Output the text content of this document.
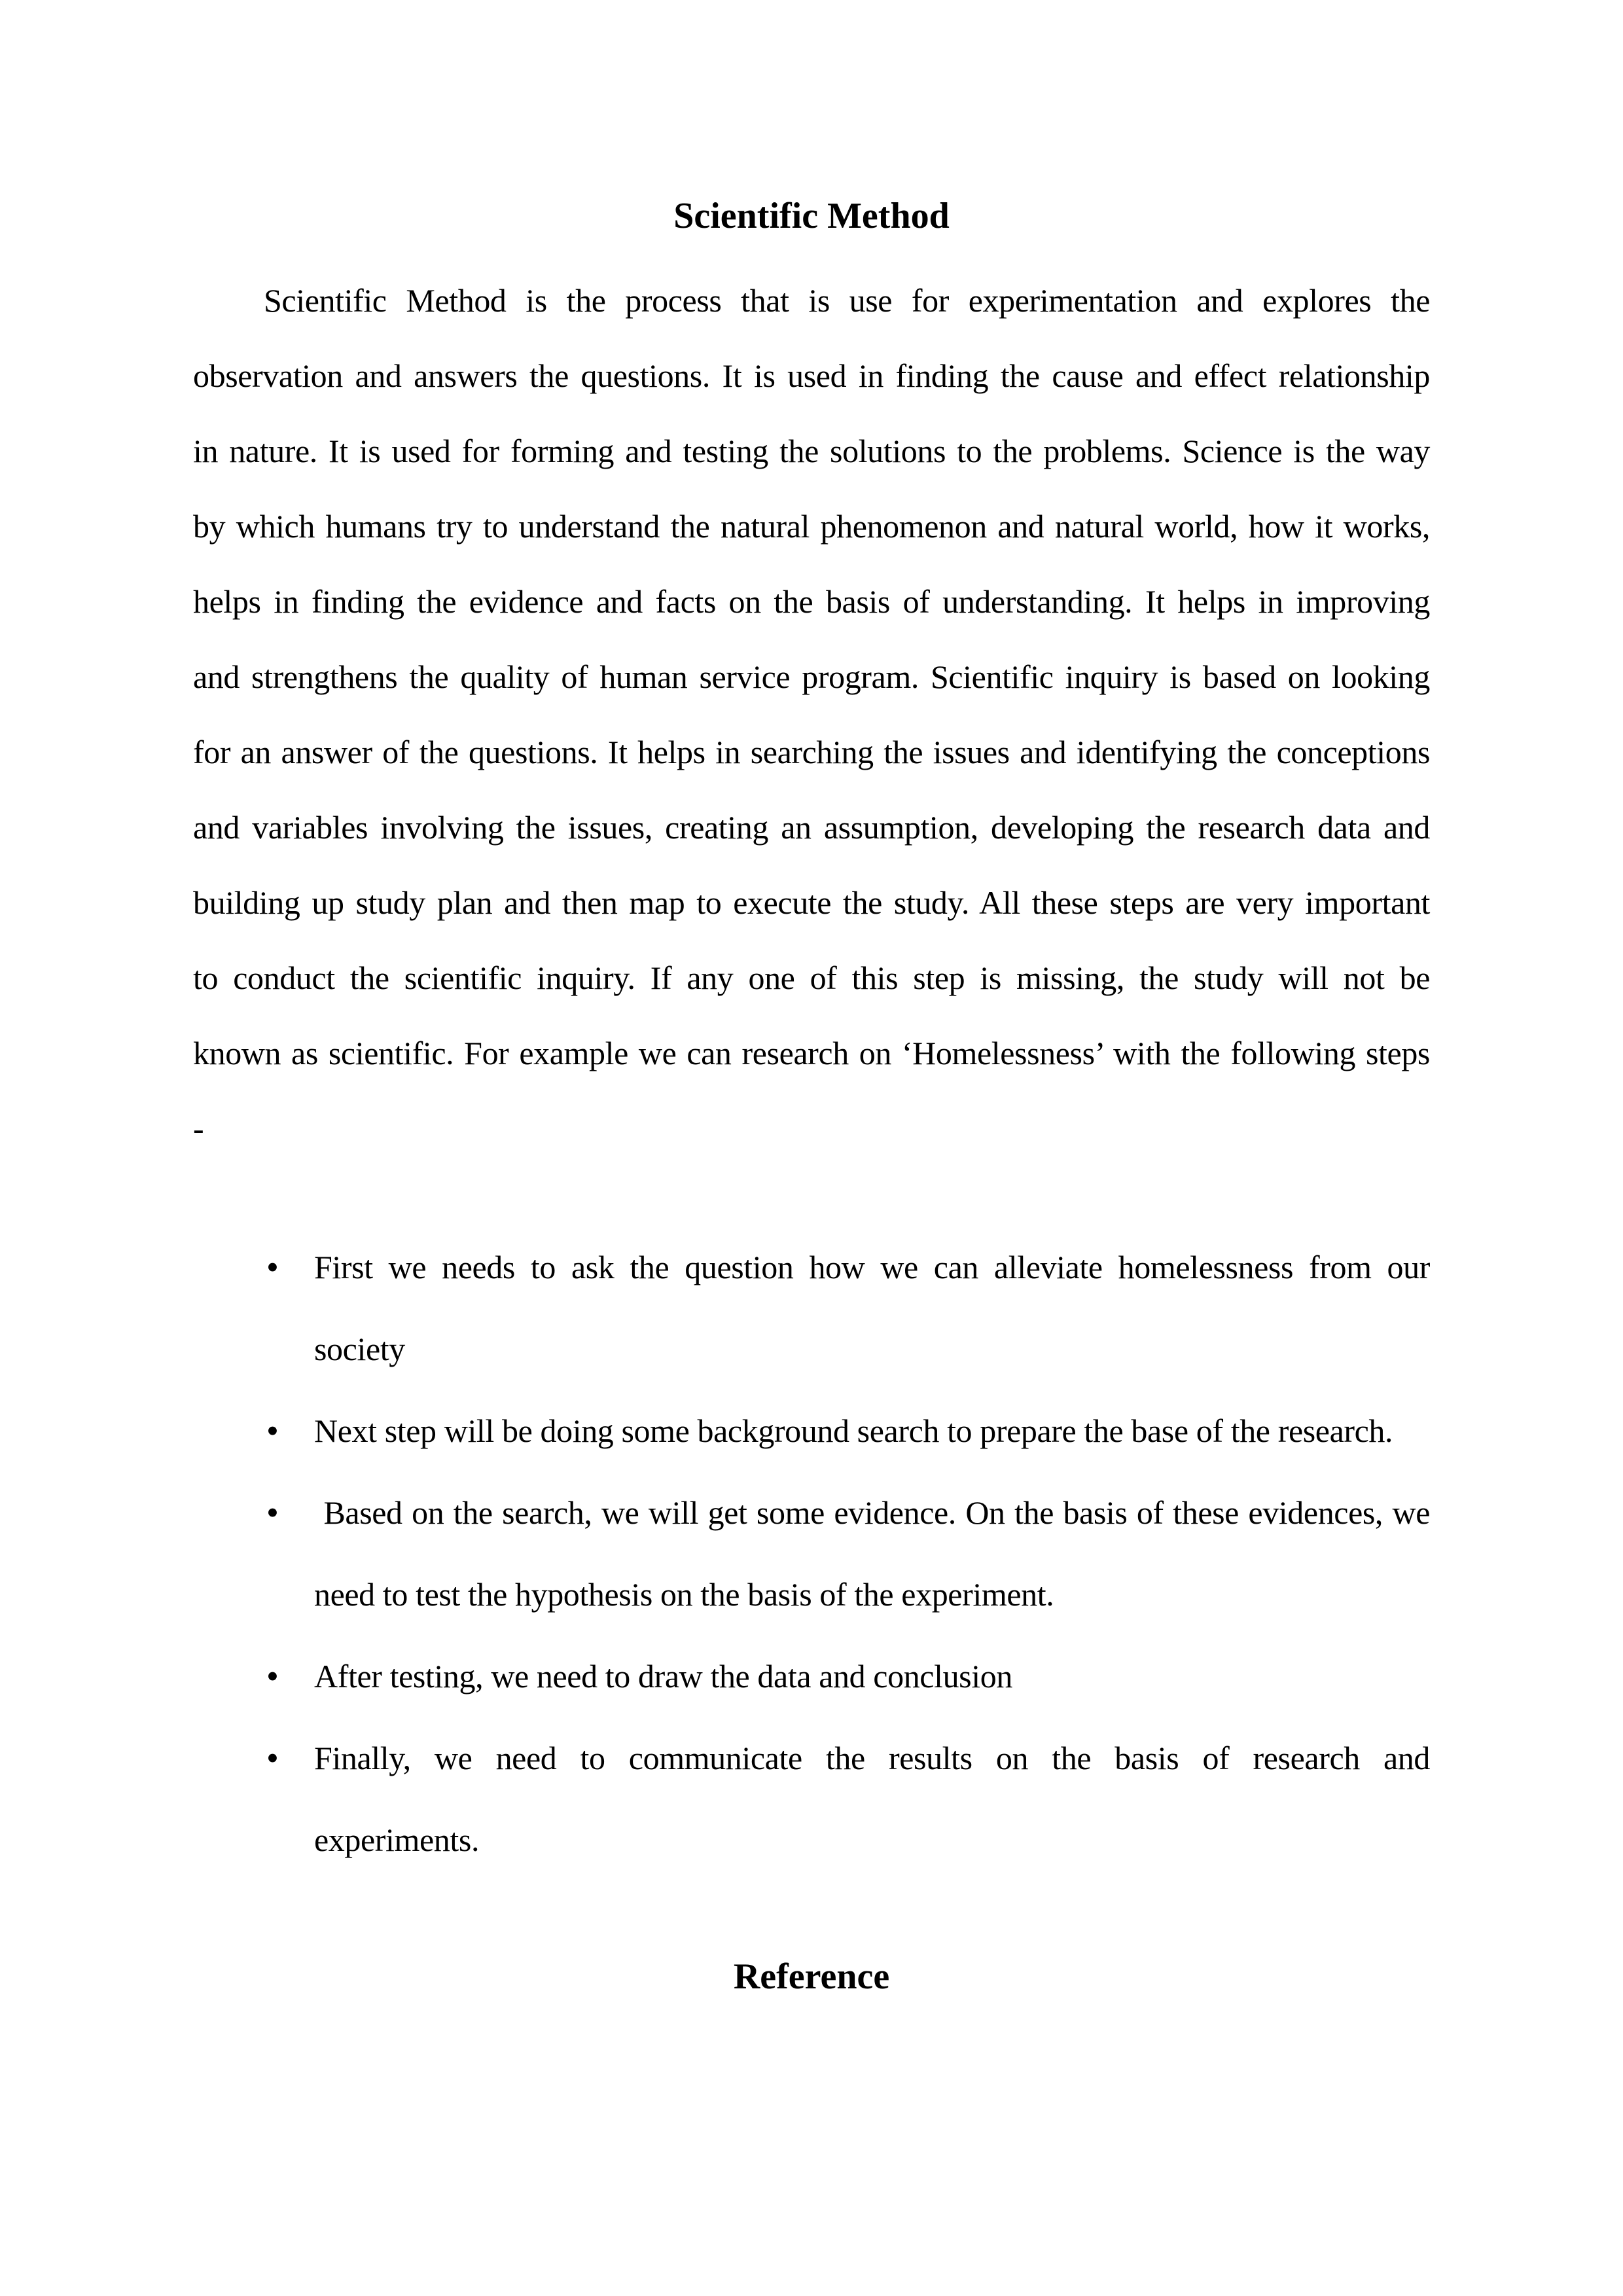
Scientific Method
Scientific Method is the process that is use for experimentation and explores the
observation and answers the questions. It is used in finding the cause and effect relationship
in nature. It is used for forming and testing the solutions to the problems. Science is the way
by which humans try to understand the natural phenomenon and natural world, how it works,
helps in finding the evidence and facts on the basis of understanding. It helps in improving
and strengthens the quality of human service program. Scientific inquiry is based on looking
for an answer of the questions. It helps in searching the issues and identifying the conceptions
and variables involving the issues, creating an assumption, developing the research data and
building up study plan and then map to execute the study. All these steps are very important
to conduct the scientific inquiry. If any one of this step is missing, the study will not be
known as scientific. For example we can research on ‘Homelessness’ with the following steps
-
• First we needs to ask the question how we can alleviate homelessness from our
society
• Next step will be doing some background search to prepare the base of the research.
• Based on the search, we will get some evidence. On the basis of these evidences, we
need to test the hypothesis on the basis of the experiment.
• After testing, we need to draw the data and conclusion
• Finally, we need to communicate the results on the basis of research and
experiments.
Reference
